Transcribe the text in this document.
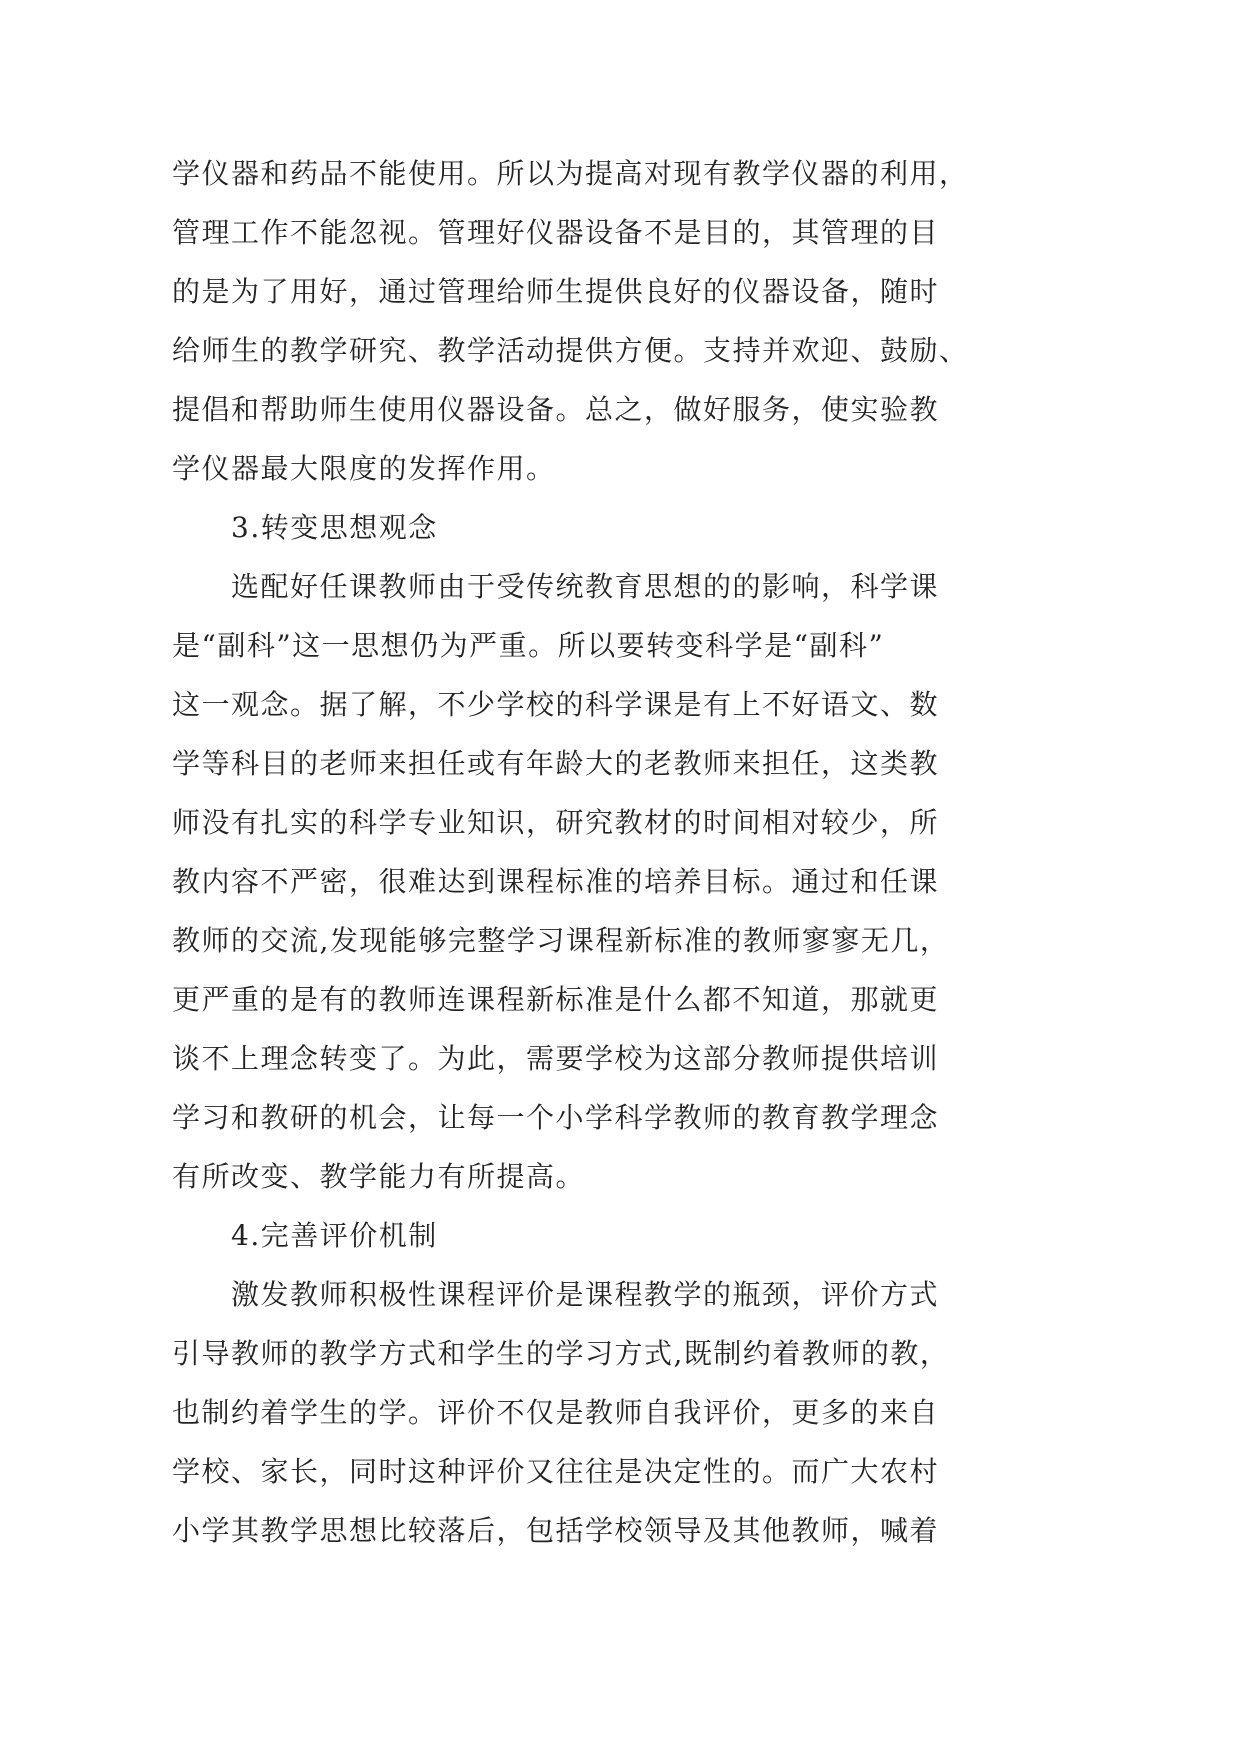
学仪器和药品不能使用。所以为提高对现有教学仪器的利用，
管理工作不能忽视。管理好仪器设备不是目的，其管理的目
的是为了用好，通过管理给师生提供良好的仪器设备，随时
给师生的教学研究、教学活动提供方便。支持并欢迎、鼓励、
提倡和帮助师生使用仪器设备。总之，做好服务，使实验教
学仪器最大限度的发挥作用。
3.转变思想观念
选配好任课教师由于受传统教育思想的的影响，科学课
是“副科”这一思想仍为严重。所以要转变科学是“副科”
这一观念。据了解，不少学校的科学课是有上不好语文、数
学等科目的老师来担任或有年龄大的老教师来担任，这类教
师没有扎实的科学专业知识，研究教材的时间相对较少，所
教内容不严密，很难达到课程标准的培养目标。通过和任课
教师的交流,发现能够完整学习课程新标准的教师寥寥无几，
更严重的是有的教师连课程新标准是什么都不知道，那就更
谈不上理念转变了。为此，需要学校为这部分教师提供培训
学习和教研的机会，让每一个小学科学教师的教育教学理念
有所改变、教学能力有所提高。
4.完善评价机制
激发教师积极性课程评价是课程教学的瓶颈，评价方式
引导教师的教学方式和学生的学习方式,既制约着教师的教，
也制约着学生的学。评价不仅是教师自我评价，更多的来自
学校、家长，同时这种评价又往往是决定性的。而广大农村
小学其教学思想比较落后，包括学校领导及其他教师，喊着
